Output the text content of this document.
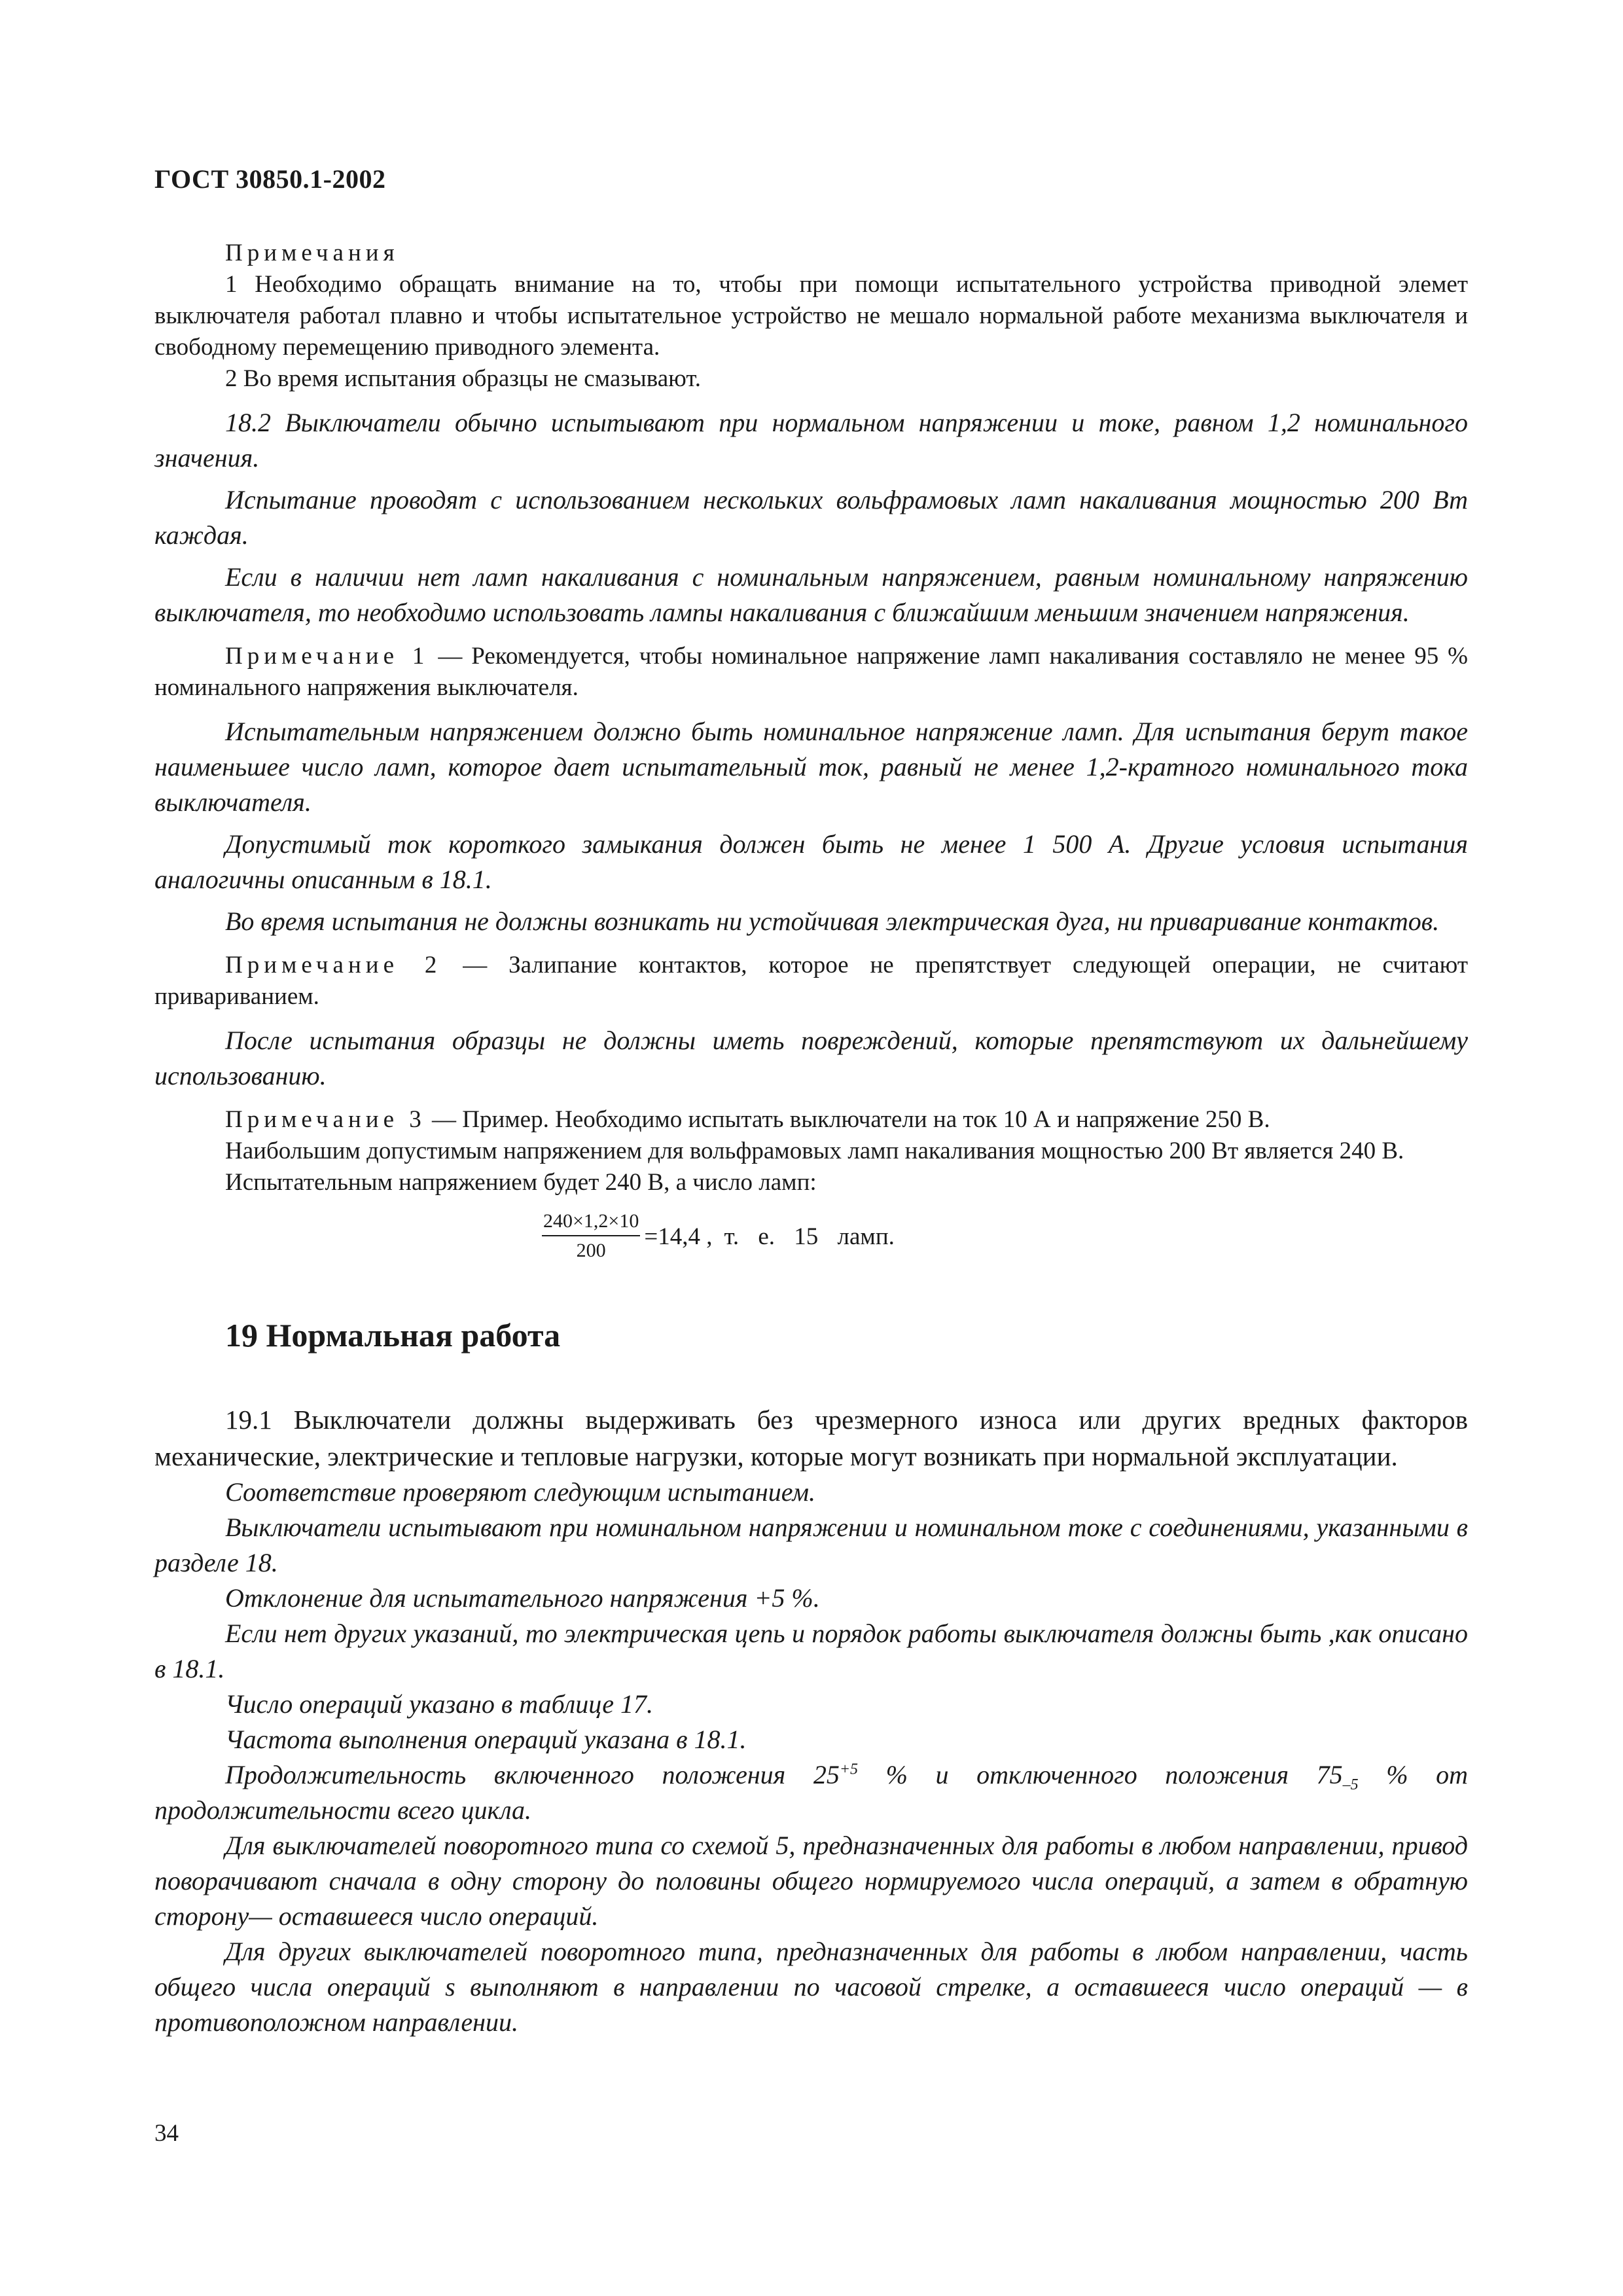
ГОСТ 30850.1-2002

Примечания

1 Необходимо обращать внимание на то, чтобы при помощи испытательного устройства приводной элемет выключателя работал плавно и чтобы испытательное устройство не мешало нормальной работе механизма выключателя и свободному перемещению приводного элемента.

2 Во время испытания образцы не смазывают.

18.2 Выключатели обычно испытывают при нормальном напряжении и токе, равном 1,2 номинального значения.

Испытание проводят с использованием нескольких вольфрамовых ламп накаливания мощностью 200 Вт каждая.

Если в наличии нет ламп накаливания с номинальным напряжением, равным номинальному напряжению выключателя, то необходимо использовать лампы накаливания с ближайшим меньшим значением напряжения.

Примечание 1 — Рекомендуется, чтобы номинальное напряжение ламп накаливания составляло не менее 95 % номинального напряжения выключателя.

Испытательным напряжением должно быть номинальное напряжение ламп. Для испытания берут такое наименьшее число ламп, которое дает испытательный ток, равный не менее 1,2-кратного номинального тока выключателя.

Допустимый ток короткого замыкания должен быть не менее 1 500 А. Другие условия испытания аналогичны описанным в 18.1.

Во время испытания не должны возникать ни устойчивая электрическая дуга, ни приваривание контактов.

Примечание 2 — Залипание контактов, которое не препятствует следующей операции, не считают привариванием.

После испытания образцы не должны иметь повреждений, которые препятствуют их дальнейшему использованию.

Примечание 3 — Пример. Необходимо испытать выключатели на ток 10 А и напряжение 250 В.

Наибольшим допустимым напряжением для вольфрамовых ламп накаливания мощностью 200 Вт является 240 В.

Испытательным напряжением будет 240 В, а число ламп:

$\frac{240\times 1,2\times 10}{200} =14,4$ , т. е. 15 ламп.
19 Нормальная работа

19.1 Выключатели должны выдерживать без чрезмерного износа или других вредных факторов механические, электрические и тепловые нагрузки, которые могут возникать при нормальной эксплуатации.

Соответствие проверяют следующим испытанием.

Выключатели испытывают при номинальном напряжении и номинальном токе с соединениями, указанными в разделе 18.

Отклонение для испытательного напряжения +5 %.

Если нет других указаний, то электрическая цепь и порядок работы выключателя должны быть ,как описано в 18.1.

Число операций указано в таблице 17.

Частота выполнения операций указана в 18.1.

Продолжительность включенного положения $25^{+5}$ % и отключенного положения $75_{-5}$ % от продолжительности всего цикла.

Для выключателей поворотного типа со схемой 5, предназначенных для работы в любом направлении, привод поворачивают сначала в одну сторону до половины общего нормируемого числа операций, а затем в обратную сторону— оставшееся число операций.

Для других выключателей поворотного типа, предназначенных для работы в любом направлении, часть общего числа операций s выполняют в направлении по часовой стрелке, а оставшееся число операций — в противоположном направлении.

34
